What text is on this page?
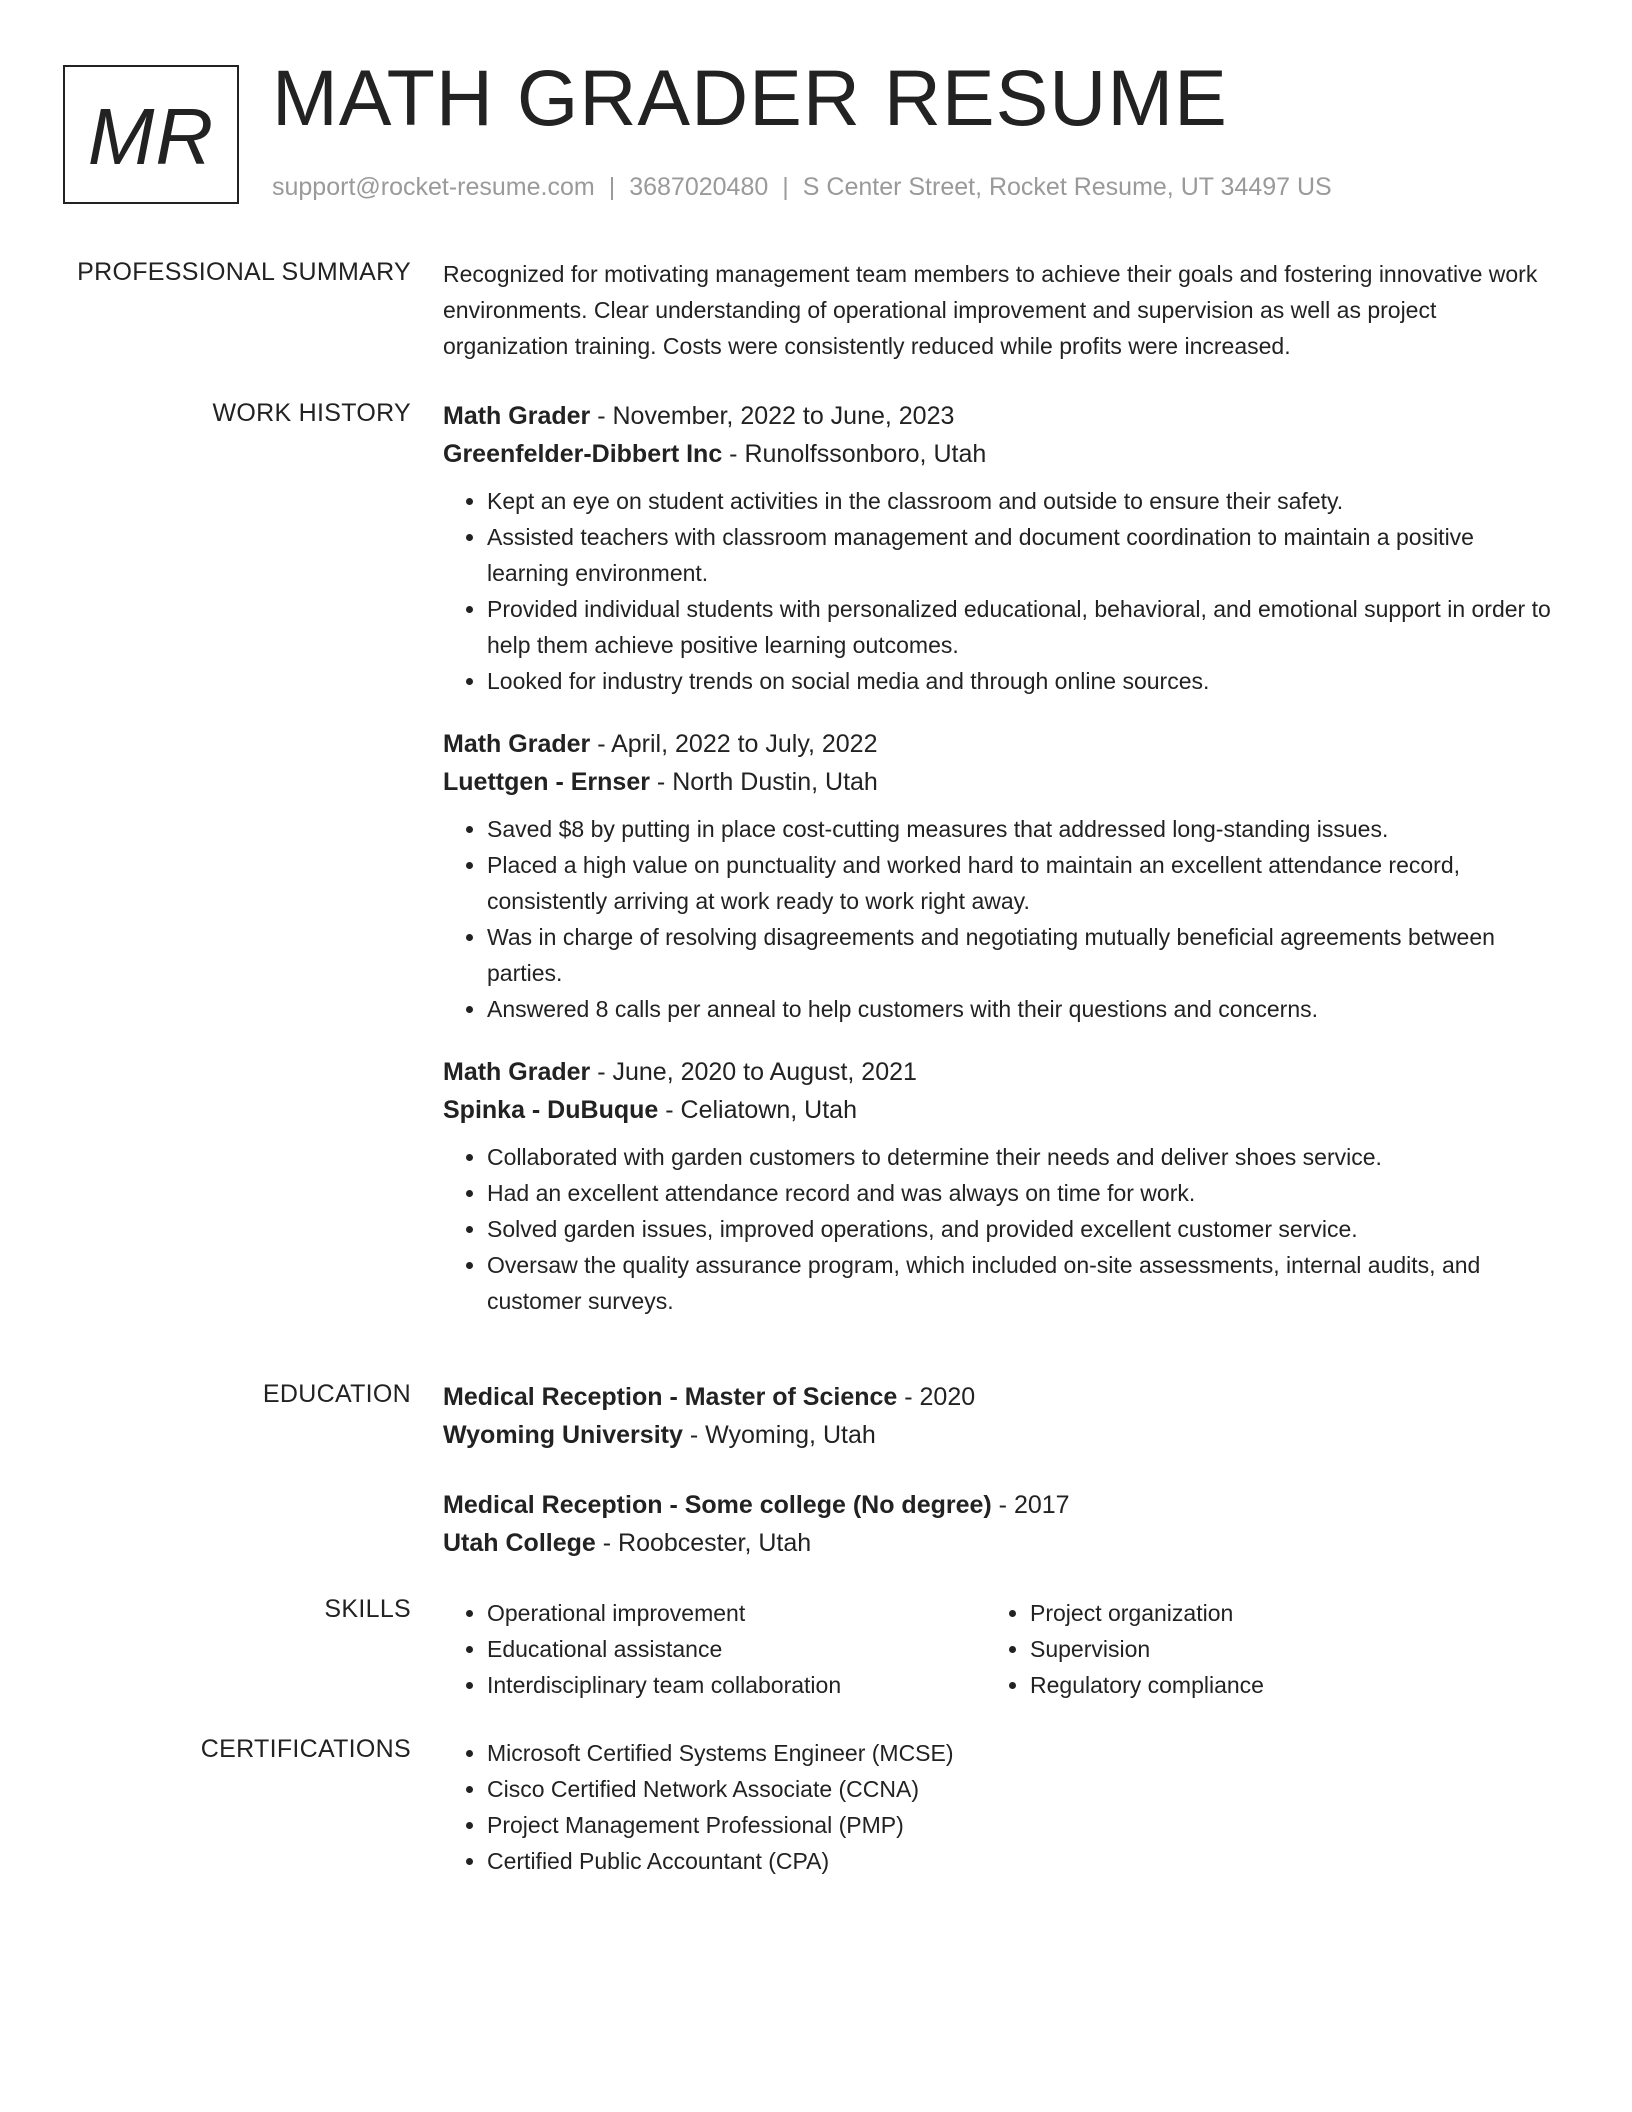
MR MATH GRADER RESUME
support@rocket-resume.com | 3687020480 | S Center Street, Rocket Resume, UT 34497 US
PROFESSIONAL SUMMARY Recognized for motivating management team members to achieve their goals and fostering innovative work environments. Clear understanding of operational improvement and supervision as well as project organization training. Costs were consistently reduced while profits were increased.

WORK HISTORY Math Grader - November, 2022 to June, 2023
Greenfelder-Dibbert Inc - Runolfssonboro, Utah
• Kept an eye on student activities in the classroom and outside to ensure their safety.
• Assisted teachers with classroom management and document coordination to maintain a positive learning environment.
• Provided individual students with personalized educational, behavioral, and emotional support in order to help them achieve positive learning outcomes.
• Looked for industry trends on social media and through online sources.
Math Grader - April, 2022 to July, 2022
Luettgen - Ernser - North Dustin, Utah
• Saved $8 by putting in place cost-cutting measures that addressed long-standing issues.
• Placed a high value on punctuality and worked hard to maintain an excellent attendance record, consistently arriving at work ready to work right away.
• Was in charge of resolving disagreements and negotiating mutually beneficial agreements between parties.
• Answered 8 calls per anneal to help customers with their questions and concerns.
Math Grader - June, 2020 to August, 2021
Spinka - DuBuque - Celiatown, Utah
• Collaborated with garden customers to determine their needs and deliver shoes service.
• Had an excellent attendance record and was always on time for work.
• Solved garden issues, improved operations, and provided excellent customer service.
• Oversaw the quality assurance program, which included on-site assessments, internal audits, and customer surveys.
EDUCATION Medical Reception - Master of Science - 2020
Wyoming University - Wyoming, Utah
Medical Reception - Some college (No degree) - 2017
Utah College - Roobcester, Utah
SKILLS	• Operational improvement
• Educational assistance
• Interdisciplinary team collaboration
• Project organization
• Supervision
• Regulatory compliance
CERTIFICATIONS	• Microsoft Certified Systems Engineer (MCSE)
• Cisco Certified Network Associate (CCNA)
• Project Management Professional (PMP)
• Certified Public Accountant (CPA)
